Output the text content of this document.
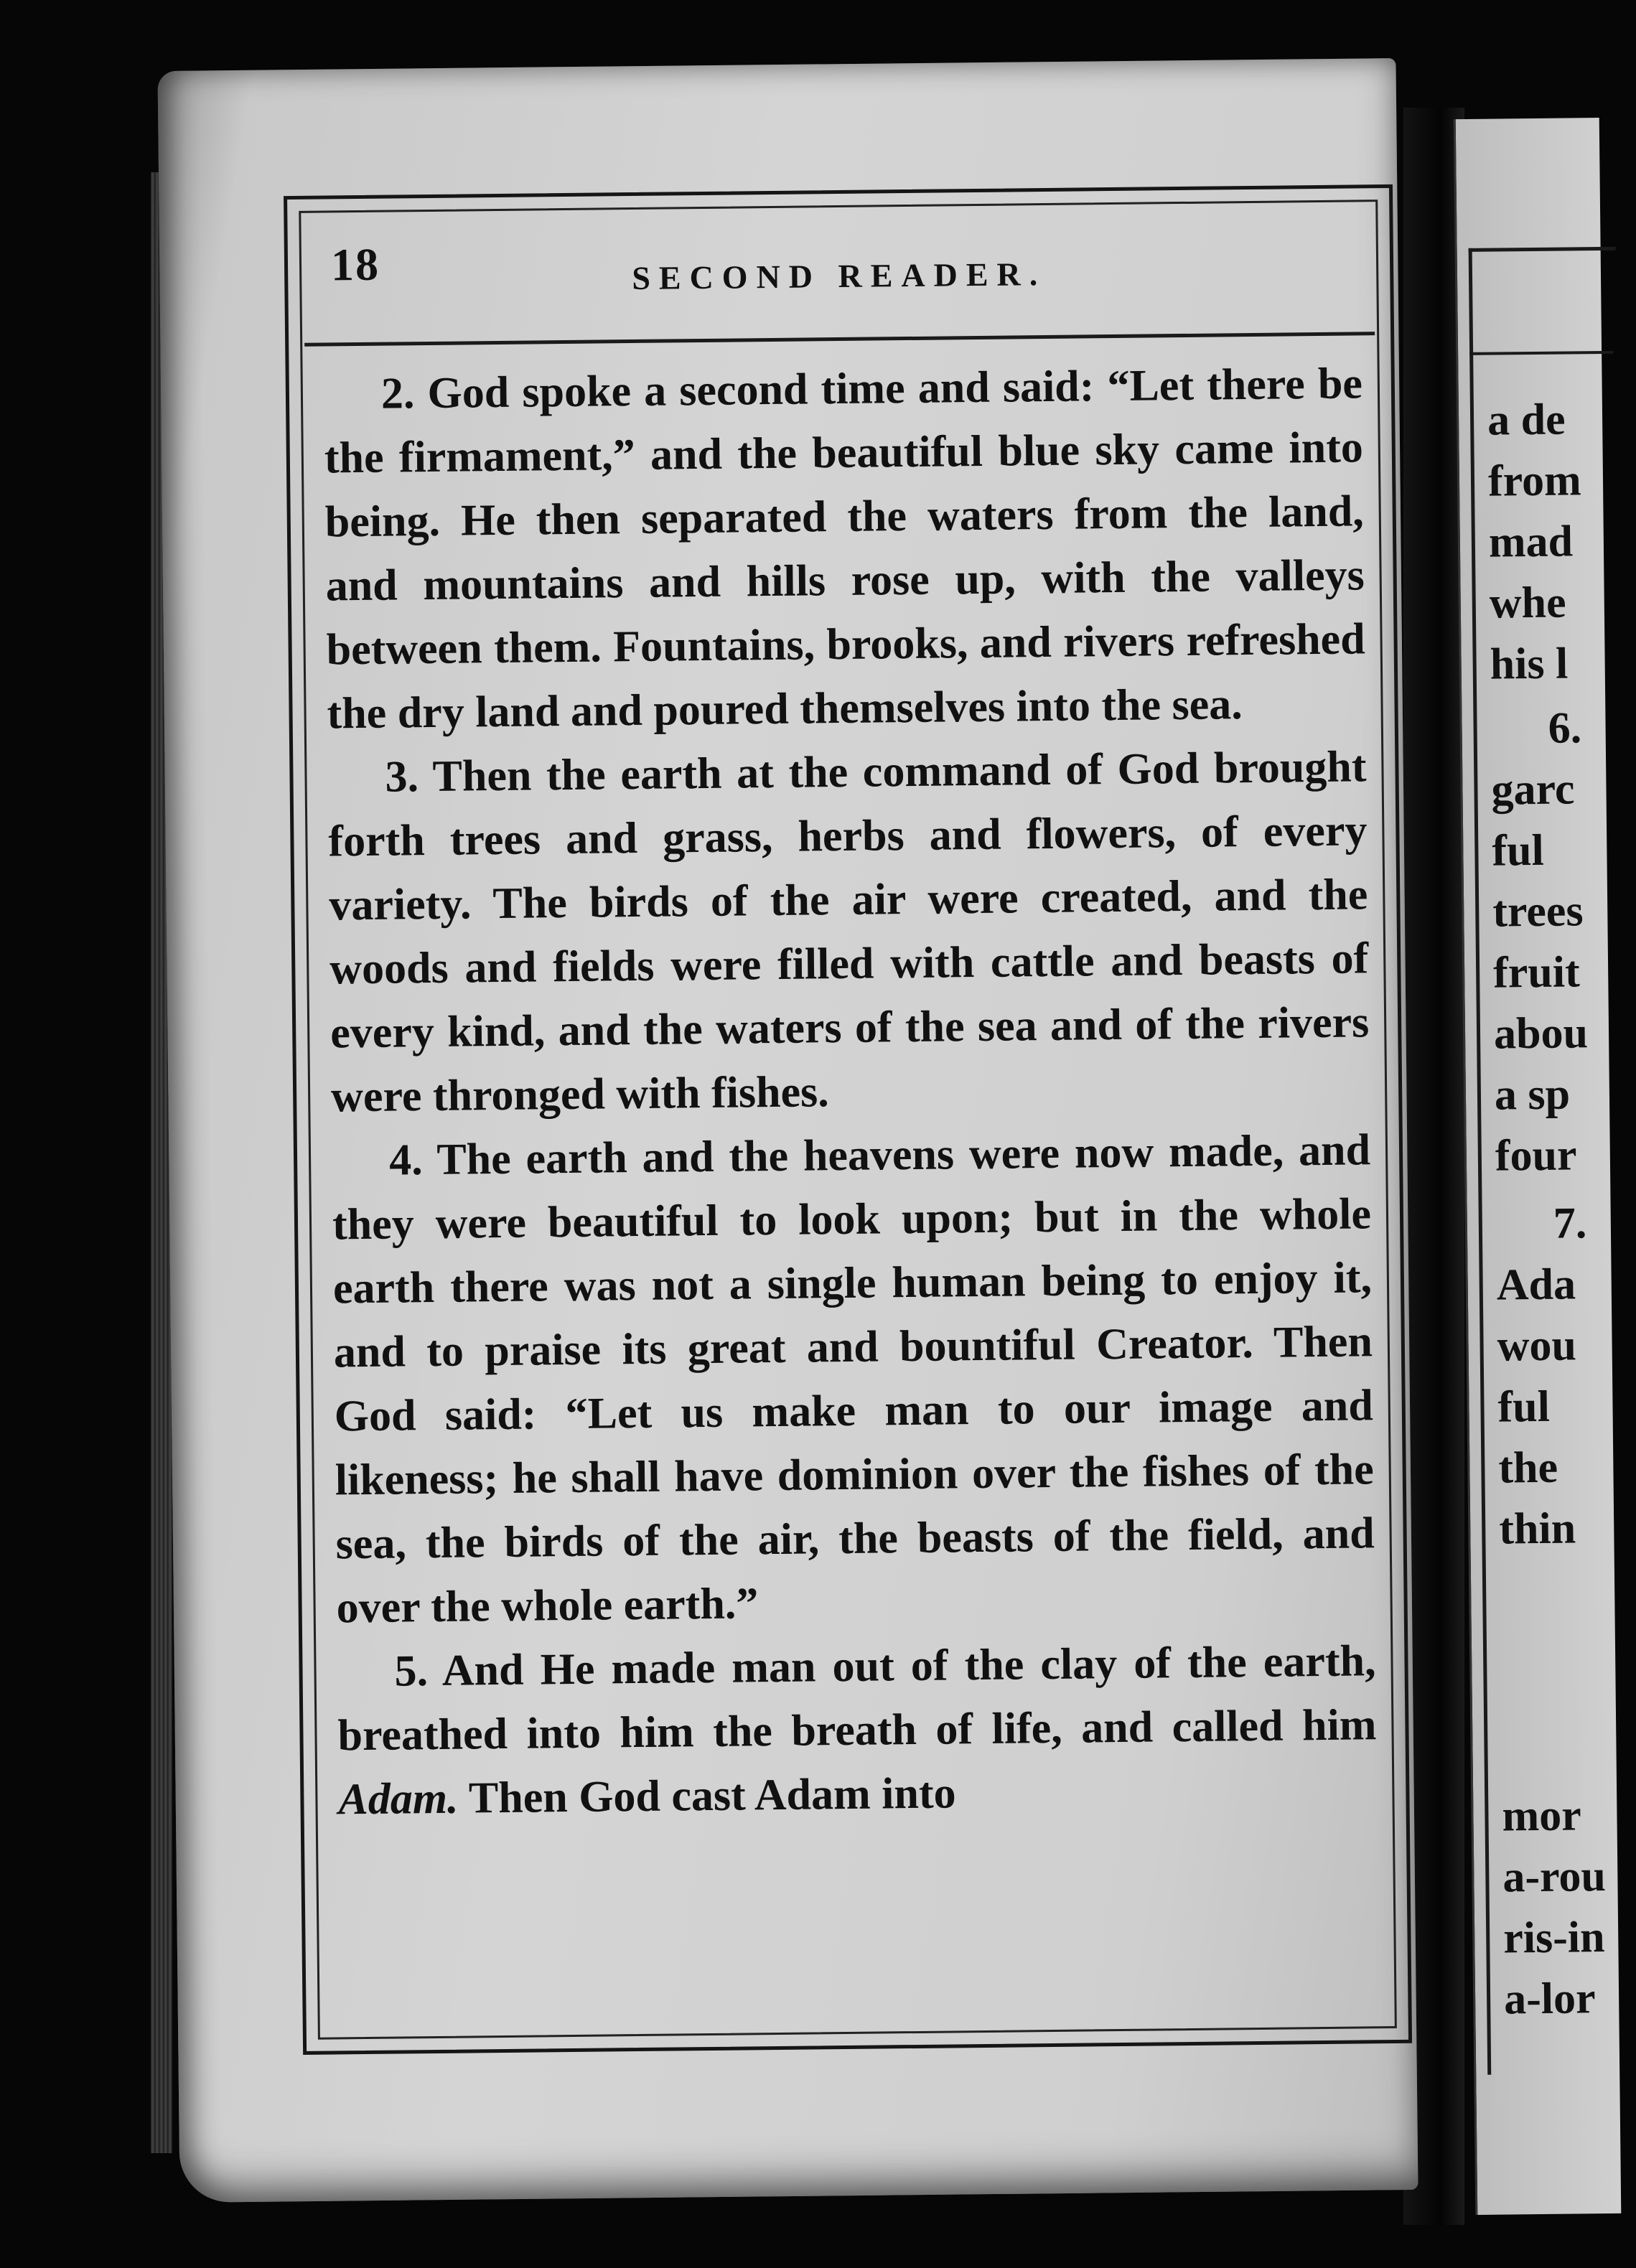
a de
from
mad
whe
his l
6.
garc
ful
trees
fruit
abou
a sp
four
7.
Ada
wou
ful
the
thin
mor
a-rou
ris-in
a-lor
18	SECOND READER.

2. God spoke a second time and said: “Let there be the firmament,” and the beautiful blue sky came into being. He then separated the waters from the land, and mountains and hills rose up, with the valleys between them. Fountains, brooks, and rivers refreshed the dry land and poured themselves into the sea.

3. Then the earth at the command of God brought forth trees and grass, herbs and flowers, of every variety. The birds of the air were created, and the woods and fields were filled with cattle and beasts of every kind, and the waters of the sea and of the rivers were thronged with fishes.

4. The earth and the heavens were now made, and they were beautiful to look upon; but in the whole earth there was not a single human being to enjoy it, and to praise its great and bountiful Creator. Then God said: “Let us make man to our image and likeness; he shall have dominion over the fishes of the sea, the birds of the air, the beasts of the field, and over the whole earth.”

5. And He made man out of the clay of the earth, breathed into him the breath of life, and called him Adam. Then God cast Adam into
